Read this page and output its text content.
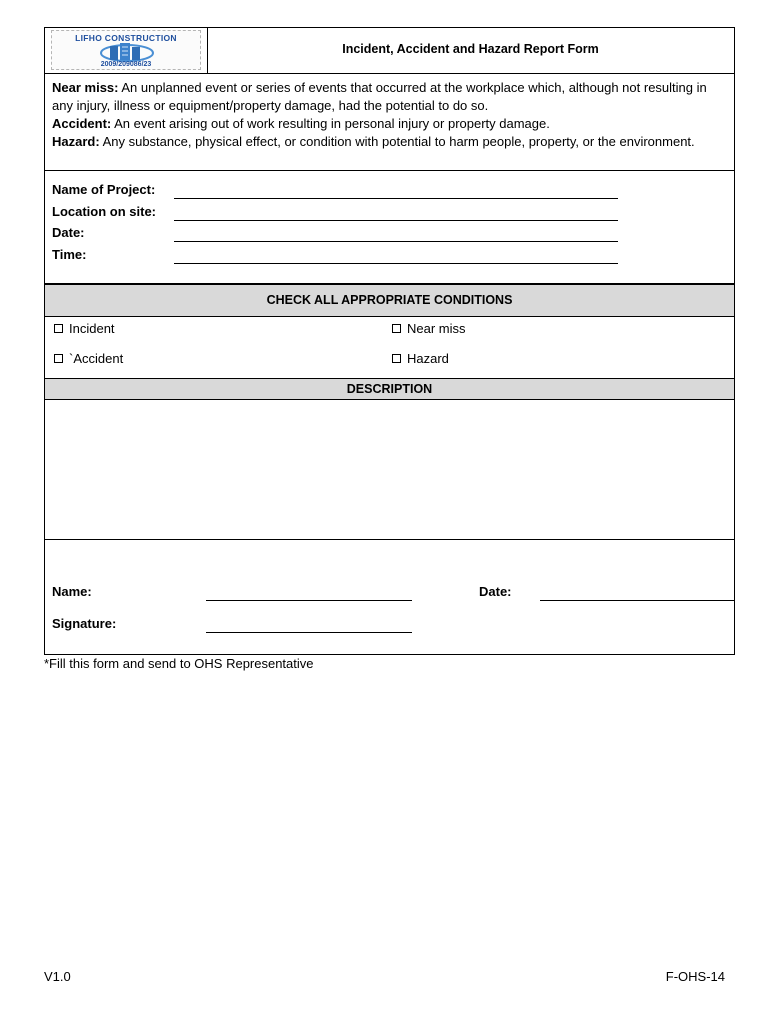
LIFHO CONSTRUCTION
2009/209086/23
Incident, Accident and Hazard Report Form

Near miss: An unplanned event or series of events that occurred at the workplace which, although not resulting in any injury, illness or equipment/property damage, had the potential to do so.

Accident: An event arising out of work resulting in personal injury or property damage.

Hazard: Any substance, physical effect, or condition with potential to harm people, property, or the environment.

Name of Project:
Location on site:
Date:
Time:
CHECK ALL APPROPRIATE CONDITIONS
Incident	Near miss
`Accident	Hazard
DESCRIPTION
Name:	Date:
Signature:
*Fill this form and send to OHS Representative
V1.0	F-OHS-14
